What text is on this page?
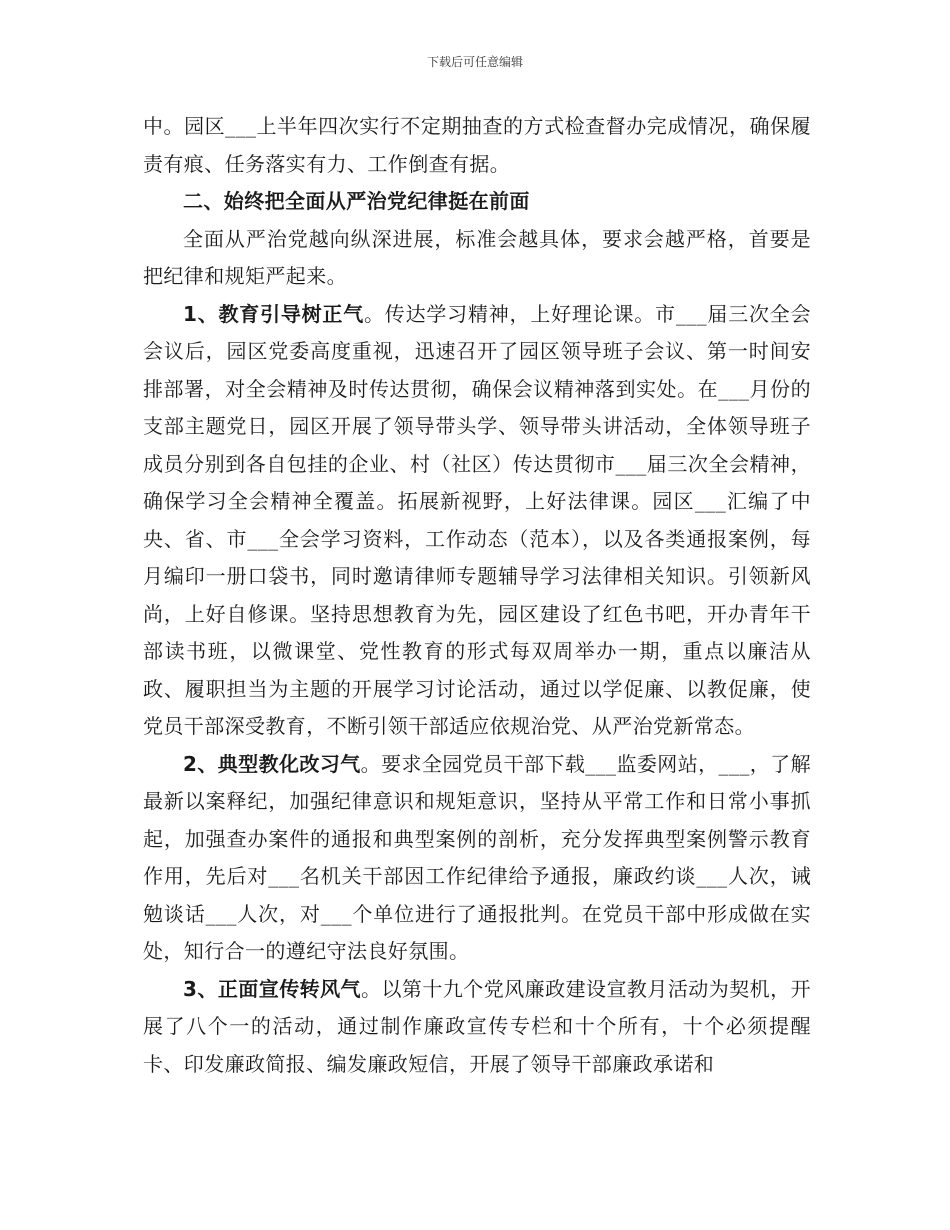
下载后可任意编辑

中。园区___上半年四次实行不定期抽查的方式检查督办完成情况，确保履责有痕、任务落实有力、工作倒查有据。

二、始终把全面从严治党纪律挺在前面

全面从严治党越向纵深进展，标准会越具体，要求会越严格，首要是把纪律和规矩严起来。

1、教育引导树正气。传达学习精神，上好理论课。市___届三次全会会议后，园区党委高度重视，迅速召开了园区领导班子会议、第一时间安排部署，对全会精神及时传达贯彻，确保会议精神落到实处。在___月份的支部主题党日，园区开展了领导带头学、领导带头讲活动，全体领导班子成员分别到各自包挂的企业、村（社区）传达贯彻市___届三次全会精神，确保学习全会精神全覆盖。拓展新视野，上好法律课。园区___汇编了中央、省、市___全会学习资料，工作动态（范本），以及各类通报案例，每月编印一册口袋书，同时邀请律师专题辅导学习法律相关知识。引领新风尚，上好自修课。坚持思想教育为先，园区建设了红色书吧，开办青年干部读书班，以微课堂、党性教育的形式每双周举办一期，重点以廉洁从政、履职担当为主题的开展学习讨论活动，通过以学促廉、以教促廉，使党员干部深受教育，不断引领干部适应依规治党、从严治党新常态。

2、典型教化改习气。要求全园党员干部下载___监委网站，___，了解最新以案释纪，加强纪律意识和规矩意识，坚持从平常工作和日常小事抓起，加强查办案件的通报和典型案例的剖析，充分发挥典型案例警示教育作用，先后对___名机关干部因工作纪律给予通报，廉政约谈___人次，诫勉谈话___人次，对___个单位进行了通报批判。在党员干部中形成做在实处，知行合一的遵纪守法良好氛围。

3、正面宣传转风气。以第十九个党风廉政建设宣教月活动为契机，开展了八个一的活动，通过制作廉政宣传专栏和十个所有，十个必须提醒卡、印发廉政简报、编发廉政短信，开展了领导干部廉政承诺和
